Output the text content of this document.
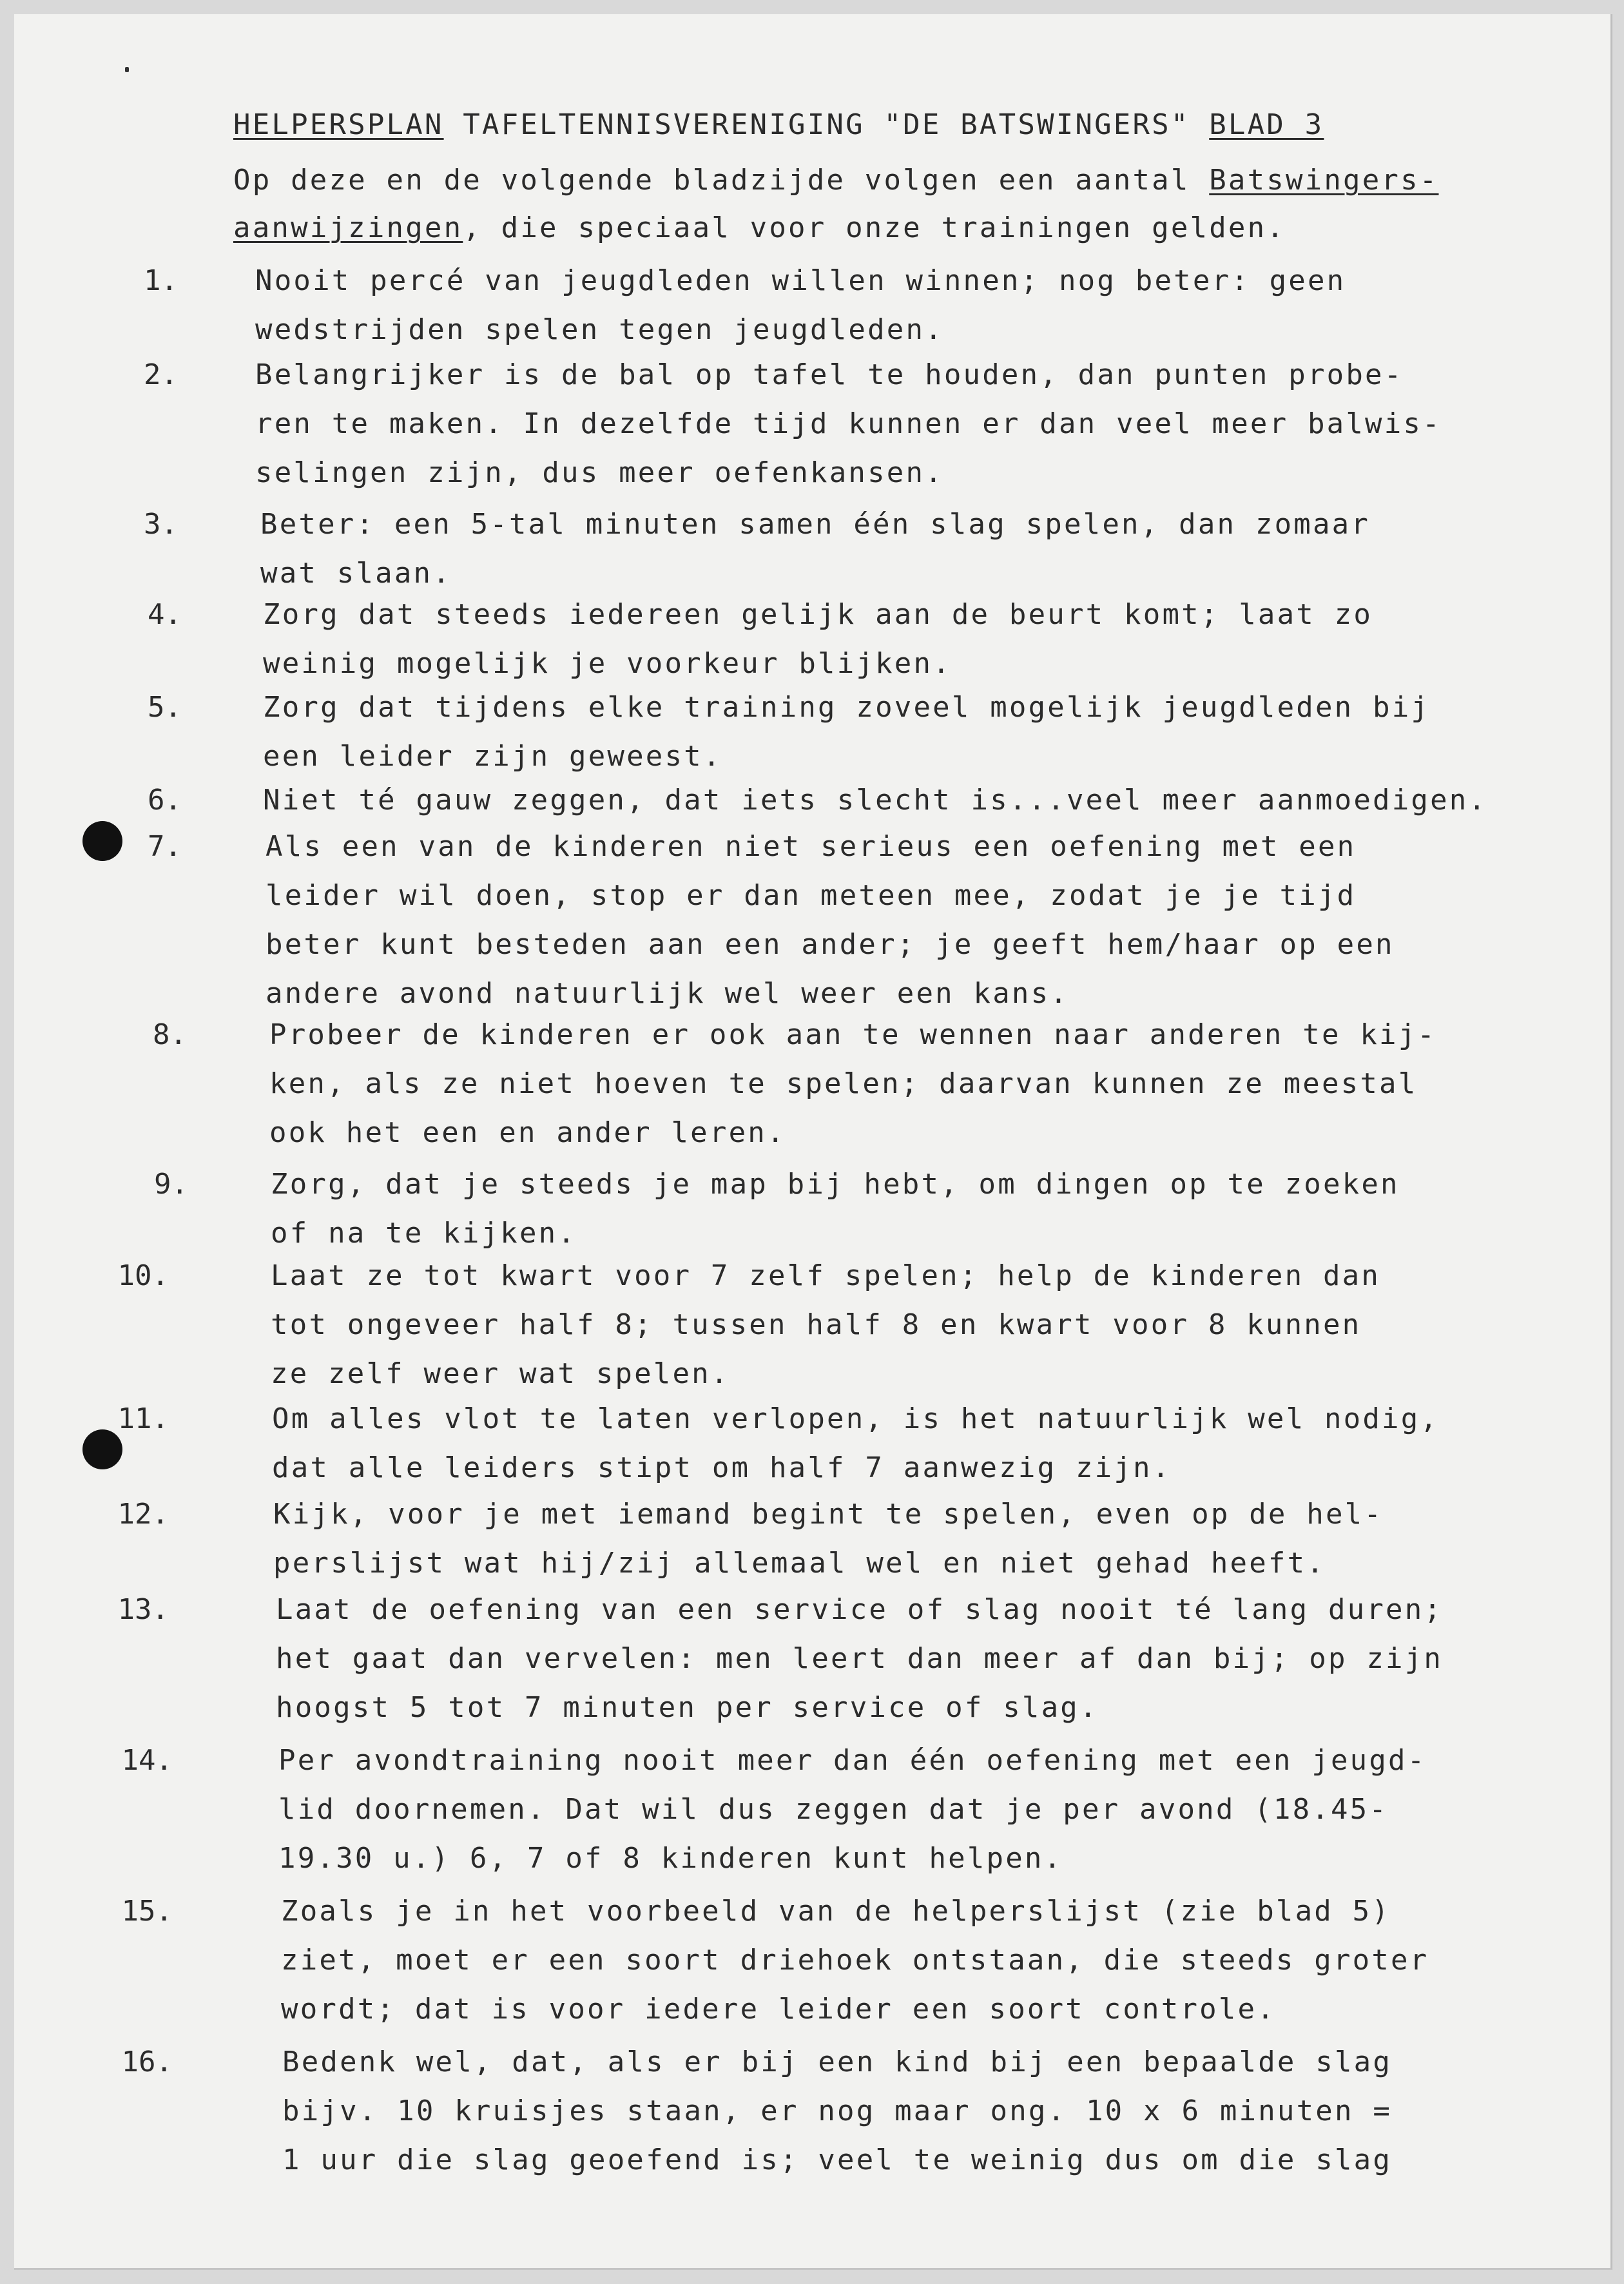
HELPERSPLAN TAFELTENNISVERENIGING "DE BATSWINGERS" BLAD 3
Op deze en de volgende bladzijde volgen een aantal Batswingers-
aanwijzingen, die speciaal voor onze trainingen gelden.
1.	Nooit percé van jeugdleden willen winnen; nog beter: geen
wedstrijden spelen tegen jeugdleden.
2.	Belangrijker is de bal op tafel te houden, dan punten probe-
ren te maken. In dezelfde tijd kunnen er dan veel meer balwis-
selingen zijn, dus meer oefenkansen.
3.	Beter: een 5-tal minuten samen één slag spelen, dan zomaar
wat slaan.
4.	Zorg dat steeds iedereen gelijk aan de beurt komt; laat zo
weinig mogelijk je voorkeur blijken.
5.	Zorg dat tijdens elke training zoveel mogelijk jeugdleden bij
een leider zijn geweest.
6.	Niet té gauw zeggen, dat iets slecht is...veel meer aanmoedigen.
7.	Als een van de kinderen niet serieus een oefening met een
leider wil doen, stop er dan meteen mee, zodat je je tijd
beter kunt besteden aan een ander; je geeft hem/haar op een
andere avond natuurlijk wel weer een kans.
8.	Probeer de kinderen er ook aan te wennen naar anderen te kij-
ken, als ze niet hoeven te spelen; daarvan kunnen ze meestal
ook het een en ander leren.
9.	Zorg, dat je steeds je map bij hebt, om dingen op te zoeken
of na te kijken.
10.	Laat ze tot kwart voor 7 zelf spelen; help de kinderen dan
tot ongeveer half 8; tussen half 8 en kwart voor 8 kunnen
ze zelf weer wat spelen.
11.	Om alles vlot te laten verlopen, is het natuurlijk wel nodig,
dat alle leiders stipt om half 7 aanwezig zijn.
12.	Kijk, voor je met iemand begint te spelen, even op de hel-
perslijst wat hij/zij allemaal wel en niet gehad heeft.
13.	Laat de oefening van een service of slag nooit té lang duren;
het gaat dan vervelen: men leert dan meer af dan bij; op zijn
hoogst 5 tot 7 minuten per service of slag.
14.	Per avondtraining nooit meer dan één oefening met een jeugd-
lid doornemen. Dat wil dus zeggen dat je per avond (18.45-
19.30 u.) 6, 7 of 8 kinderen kunt helpen.
15.	Zoals je in het voorbeeld van de helperslijst (zie blad 5)
ziet, moet er een soort driehoek ontstaan, die steeds groter
wordt; dat is voor iedere leider een soort controle.
16.	Bedenk wel, dat, als er bij een kind bij een bepaalde slag
bijv. 10 kruisjes staan, er nog maar ong. 10 x 6 minuten =
1 uur die slag geoefend is; veel te weinig dus om die slag
